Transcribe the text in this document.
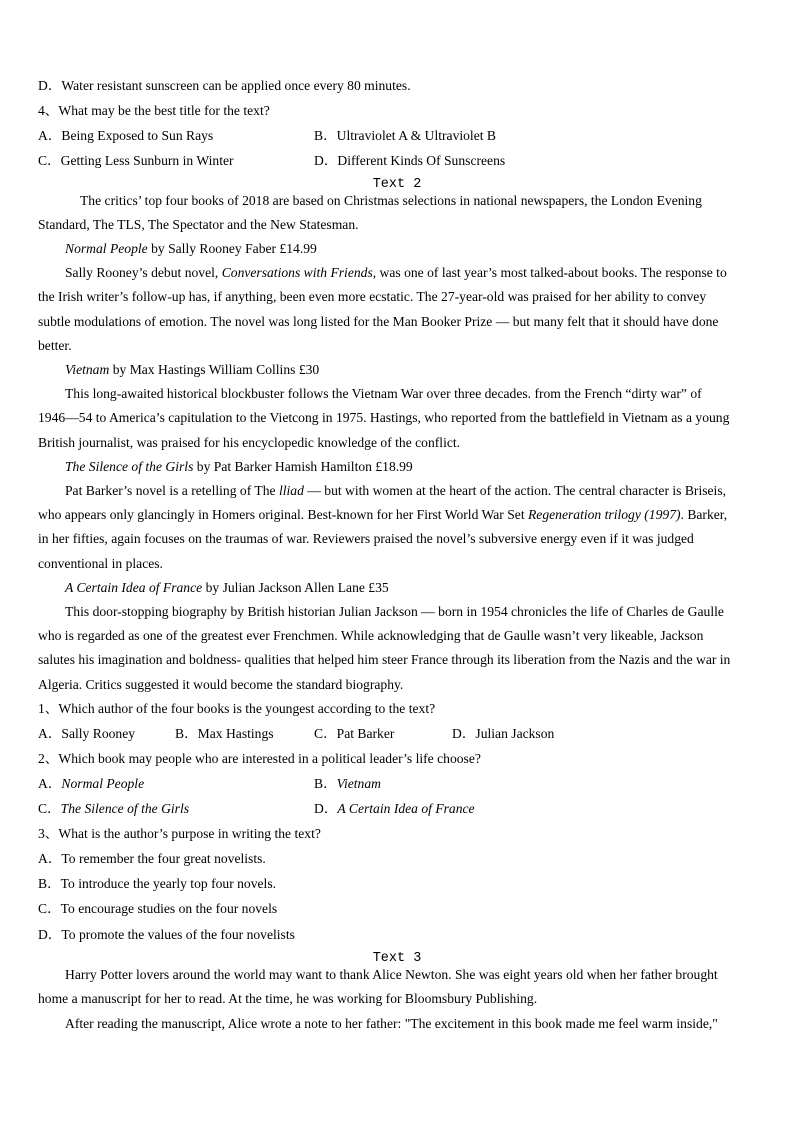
D．Water resistant sunscreen can be applied once every 80 minutes.
4、What may be the best title for the text?
A．Being Exposed to Sun Rays	B．Ultraviolet A & Ultraviolet B
C．Getting Less Sunburn in Winter	D．Different Kinds Of Sunscreens
Text 2
The critics’ top four books of 2018 are based on Christmas selections in national newspapers, the London Evening
Standard, The TLS, The Spectator and the New Statesman.
Normal People by Sally Rooney Faber £14.99
Sally Rooney’s debut novel, Conversations with Friends, was one of last year’s most talked-about books. The response to
the Irish writer’s follow-up has, if anything, been even more ecstatic. The 27-year-old was praised for her ability to convey
subtle modulations of emotion. The novel was long listed for the Man Booker Prize — but many felt that it should have done
better.
Vietnam by Max Hastings William Collins £30
This long-awaited historical blockbuster follows the Vietnam War over three decades. from the French “dirty war” of
1946—54 to America’s capitulation to the Vietcong in 1975. Hastings, who reported from the battlefield in Vietnam as a young
British journalist, was praised for his encyclopedic knowledge of the conflict.
The Silence of the Girls by Pat Barker Hamish Hamilton £18.99
Pat Barker’s novel is a retelling of The lliad — but with women at the heart of the action. The central character is Briseis,
who appears only glancingly in Homers original. Best-known for her First World War Set Regeneration trilogy (1997). Barker,
in her fifties, again focuses on the traumas of war. Reviewers praised the novel’s subversive energy even if it was judged
conventional in places.
A Certain Idea of France by Julian Jackson Allen Lane £35
This door-stopping biography by British historian Julian Jackson — born in 1954 chronicles the life of Charles de Gaulle
who is regarded as one of the greatest ever Frenchmen. While acknowledging that de Gaulle wasn’t very likeable, Jackson
salutes his imagination and boldness- qualities that helped him steer France through its liberation from the Nazis and the war in
Algeria. Critics suggested it would become the standard biography.
1、Which author of the four books is the youngest according to the text?
A．Sally Rooney	B．Max Hastings	C．Pat Barker	D．Julian Jackson
2、Which book may people who are interested in a political leader’s life choose?
A．Normal People	B．Vietnam
C．The Silence of the Girls	D．A Certain Idea of France
3、What is the author’s purpose in writing the text?
A．To remember the four great novelists.
B．To introduce the yearly top four novels.
C．To encourage studies on the four novels
D．To promote the values of the four novelists
Text 3
Harry Potter lovers around the world may want to thank Alice Newton. She was eight years old when her father brought
home a manuscript for her to read. At the time, he was working for Bloomsbury Publishing.
After reading the manuscript, Alice wrote a note to her father: "The excitement in this book made me feel warm inside,"
